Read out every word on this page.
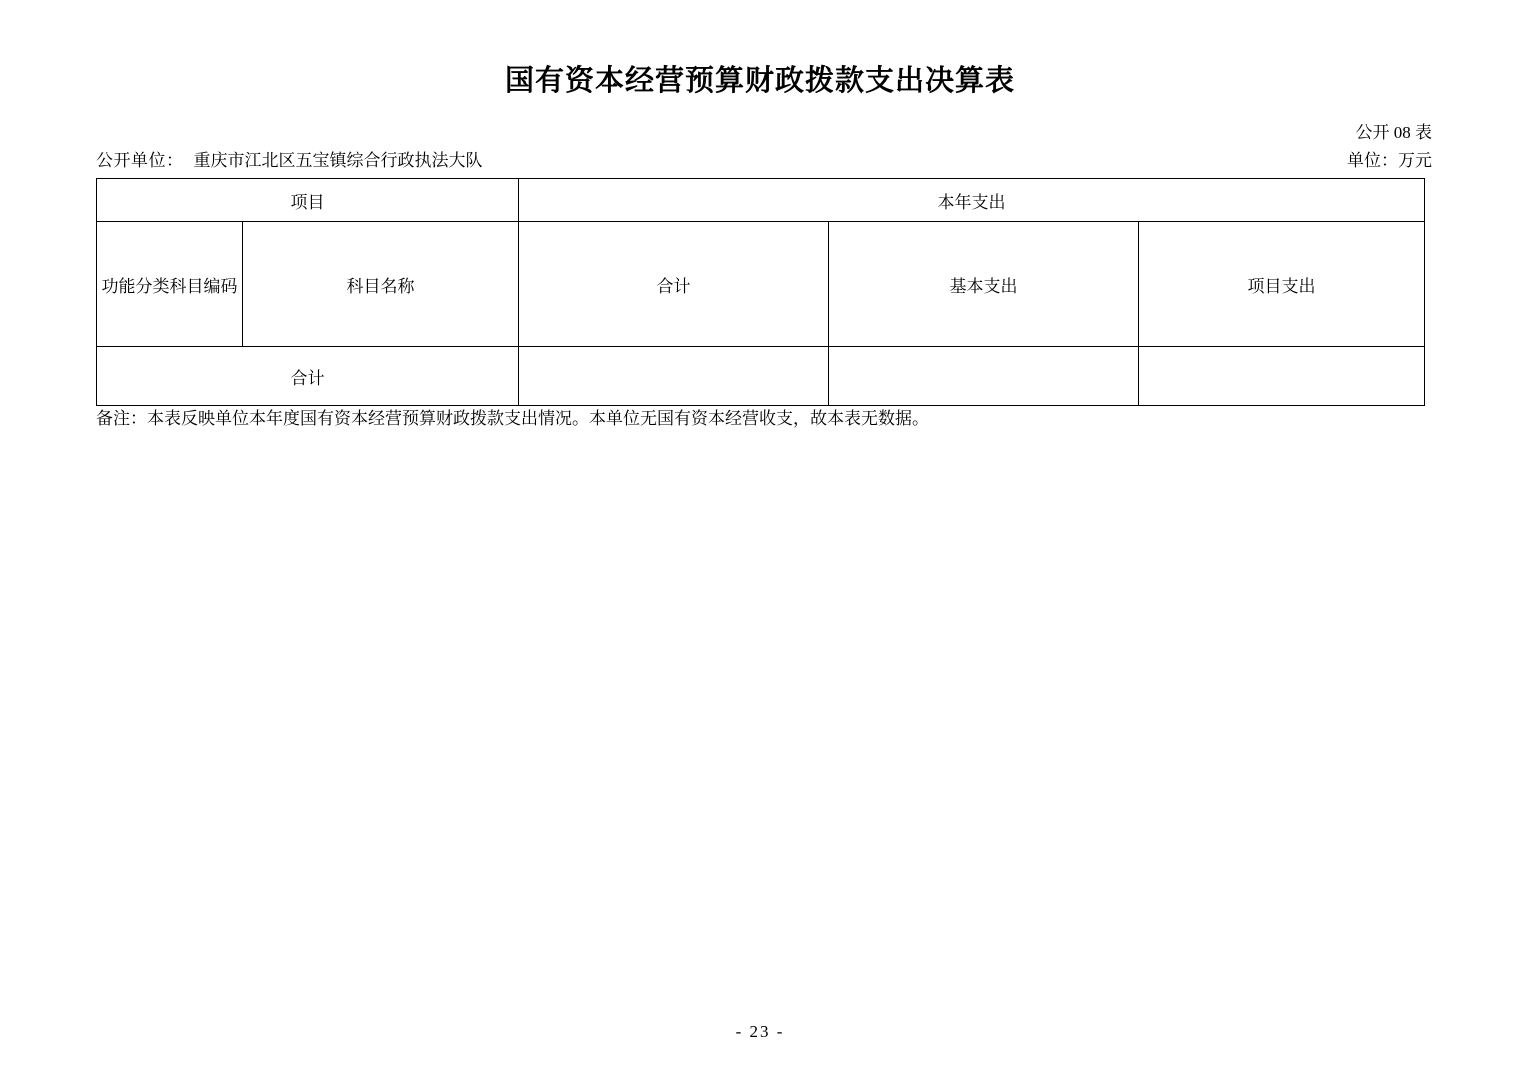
国有资本经营预算财政拨款支出决算表
公开 08 表
公开单位： 重庆市江北区五宝镇综合行政执法大队	单位：万元
项目		本年支出		
功能分类科目编码	科目名称	合计	基本支出	项目支出
合计				
备注：本表反映单位本年度国有资本经营预算财政拨款支出情况。本单位无国有资本经营收支，故本表无数据。
- 23 -
